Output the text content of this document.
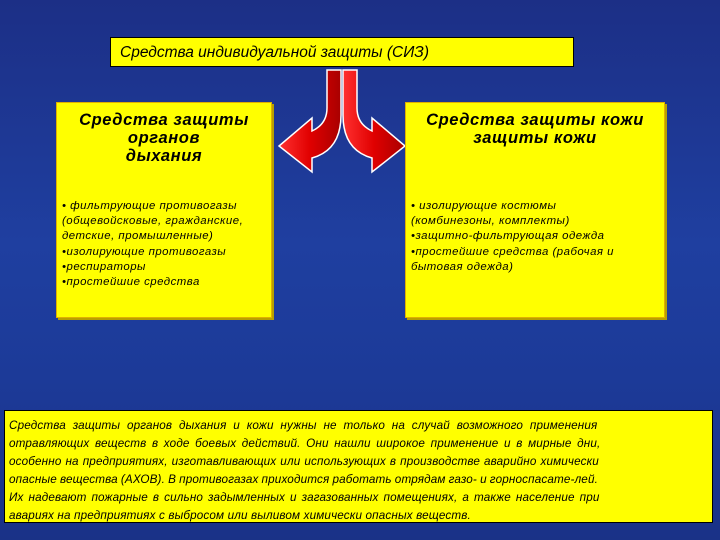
Средства индивидуальной защиты (СИЗ)
Средства защиты
органов
дыхания
• фильтрующие противогазы
(общевойсковые, гражданские,
детские, промышленные)
•изолирующие противогазы
•респираторы
•простейшие средства
Средства защиты кожи
защиты кожи
• изолирующие костюмы
(комбинезоны, комплекты)
•защитно-фильтрующая одежда
•простейшие средства (рабочая и
бытовая одежда)
Средства защиты органов дыхания и кожи нужны не только на случай возможного применения
отравляющих веществ в ходе боевых действий. Они нашли широкое применение и в мирные дни,
особенно на предприятиях, изготавливающих или использующих в производстве аварийно химически
опасные вещества (АХОВ). В противогазах приходится работать отрядам газо- и горноспасате-лей.
Их надевают пожарные в сильно задымленных и загазованных помещениях, а также население при
авариях на предприятиях с выбросом или выливом химически опасных веществ.
